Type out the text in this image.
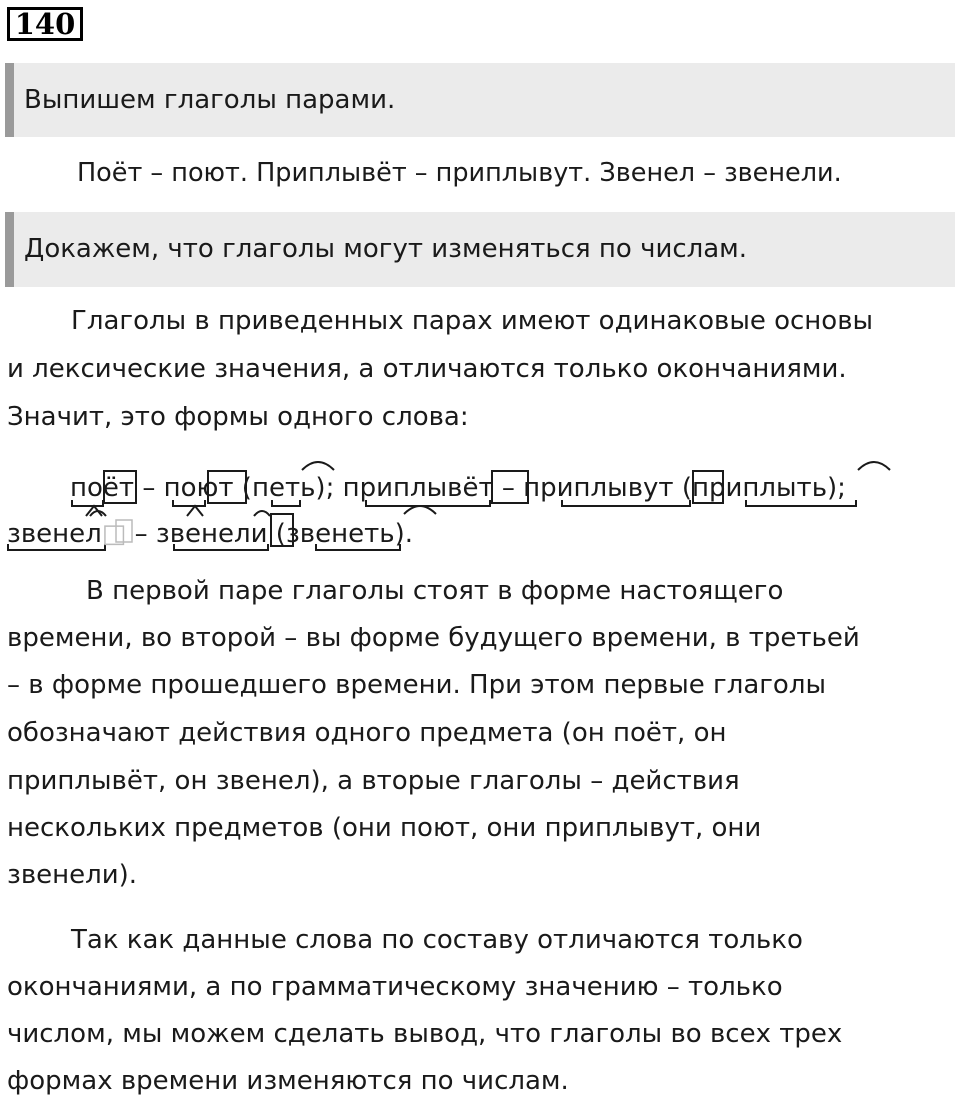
140
Выпишем глаголы парами.
Поёт – поют. Приплывёт – приплывут. Звенел – звенели.
Докажем, что глаголы могут изменяться по числам.
Глаголы в приведенных парах имеют одинаковые основы
и лексические значения, а отличаются только окончаниями.
Значит, это формы одного слова:
поёт – поют (петь); приплывёт – приплывут (приплыть);
звенел□ – звенели (звенеть).
В первой паре глаголы стоят в форме настоящего
времени, во второй – вы форме будущего времени, в третьей
– в форме прошедшего времени. При этом первые глаголы
обозначают действия одного предмета (он поёт, он
приплывёт, он звенел), а вторые глаголы – действия
нескольких предметов (они поют, они приплывут, они
звенели).
Так как данные слова по составу отличаются только
окончаниями, а по грамматическому значению – только
числом, мы можем сделать вывод, что глаголы во всех трех
формах времени изменяются по числам.
